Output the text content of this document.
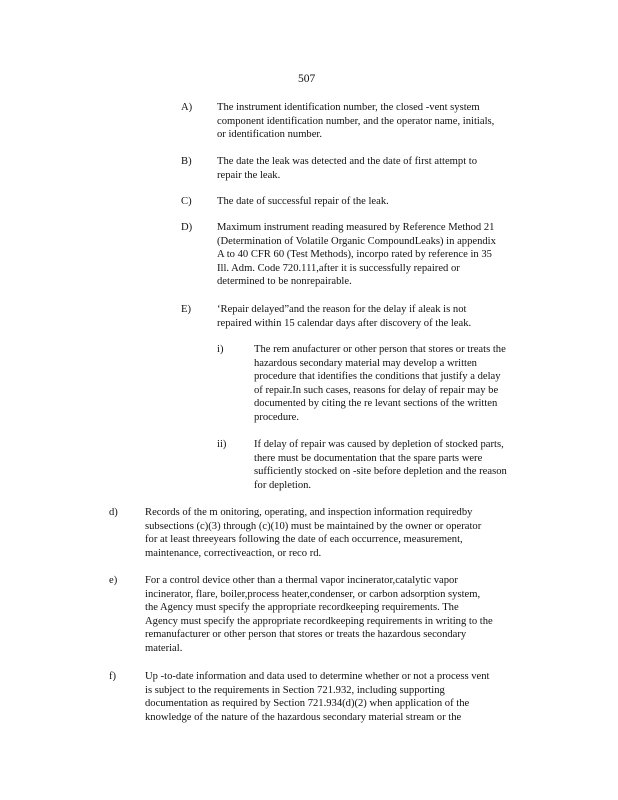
507
A) The instrument identification number, the closed -vent system
component identification number, and the operator name, initials,
or identification number.
B) The date the leak was detected and the date of first attempt to
repair the leak.
C) The date of successful repair of the leak.
D) Maximum instrument reading measured by Reference Method 21
(Determination of Volatile Organic CompoundLeaks) in appendix
A to 40 CFR 60 (Test Methods), incorpo rated by reference in 35
Ill. Adm. Code 720.111,after it is successfully repaired or
determined to be nonrepairable.
E) ‘Repair delayed”and the reason for the delay if aleak is not
repaired within 15 calendar days after discovery of the leak.
i)	The rem anufacturer or other person that stores or treats the
hazardous secondary material may develop a written
procedure that identifies the conditions that justify a delay
of repair.In such cases, reasons for delay of repair may be
documented by citing the re levant sections of the written
procedure.
ii)	If delay of repair was caused by depletion of stocked parts,
there must be documentation that the spare parts were
sufficiently stocked on -site before depletion and the reason
for depletion.
d)	Records of the m onitoring, operating, and inspection information requiredby
subsections (c)(3) through (c)(10) must be maintained by the owner or operator
for at least threeyears following the date of each occurrence, measurement,
maintenance, correctiveaction, or reco rd.
e)	For a control device other than a thermal vapor incinerator,catalytic vapor
incinerator, flare, boiler,process heater,condenser, or carbon adsorption system,
the Agency must specify the appropriate recordkeeping requirements. The
Agency must specify the appropriate recordkeeping requirements in writing to the
remanufacturer or other person that stores or treats the hazardous secondary
material.
f)	Up -to-date information and data used to determine whether or not a process vent
is subject to the requirements in Section 721.932, including supporting
documentation as required by Section 721.934(d)(2) when application of the
knowledge of the nature of the hazardous secondary material stream or the
